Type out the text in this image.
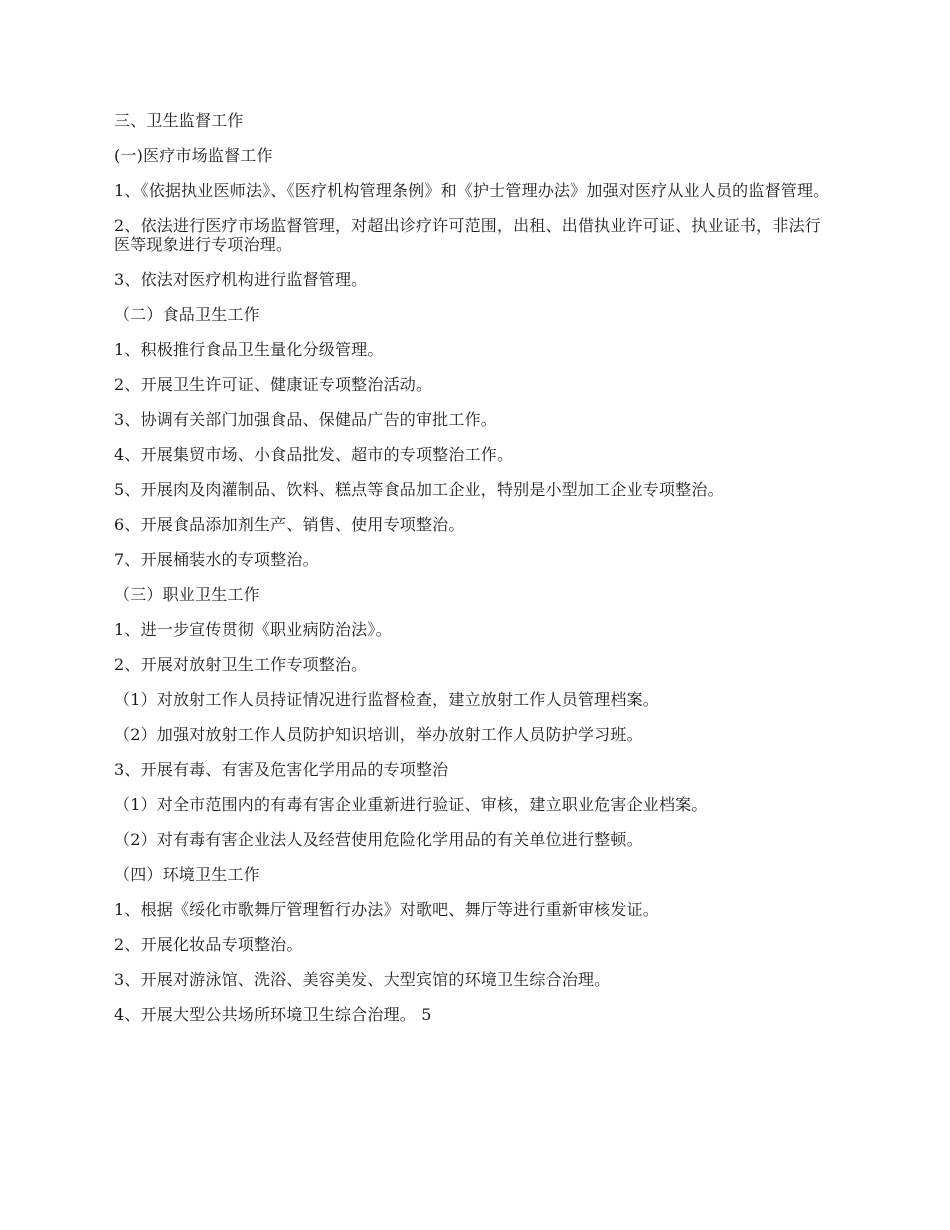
三、卫生监督工作

(一)医疗市场监督工作

1、《依据执业医师法》、《医疗机构管理条例》和《护士管理办法》加强对医疗从业人员的监督管理。

2、依法进行医疗市场监督管理，对超出诊疗许可范围，出租、出借执业许可证、执业证书，非法行医等现象进行专项治理。

3、依法对医疗机构进行监督管理。

（二）食品卫生工作

1、积极推行食品卫生量化分级管理。

2、开展卫生许可证、健康证专项整治活动。

3、协调有关部门加强食品、保健品广告的审批工作。

4、开展集贸市场、小食品批发、超市的专项整治工作。

5、开展肉及肉灌制品、饮料、糕点等食品加工企业，特别是小型加工企业专项整治。

6、开展食品添加剂生产、销售、使用专项整治。

7、开展桶装水的专项整治。

（三）职业卫生工作

1、进一步宣传贯彻《职业病防治法》。

2、开展对放射卫生工作专项整治。

（1）对放射工作人员持证情况进行监督检查，建立放射工作人员管理档案。

（2）加强对放射工作人员防护知识培训，举办放射工作人员防护学习班。

3、开展有毒、有害及危害化学用品的专项整治

（1）对全市范围内的有毒有害企业重新进行验证、审核，建立职业危害企业档案。

（2）对有毒有害企业法人及经营使用危险化学用品的有关单位进行整顿。

（四）环境卫生工作

1、根据《绥化市歌舞厅管理暂行办法》对歌吧、舞厅等进行重新审核发证。

2、开展化妆品专项整治。

3、开展对游泳馆、洗浴、美容美发、大型宾馆的环境卫生综合治理。

4、开展大型公共场所环境卫生综合治理。 5
